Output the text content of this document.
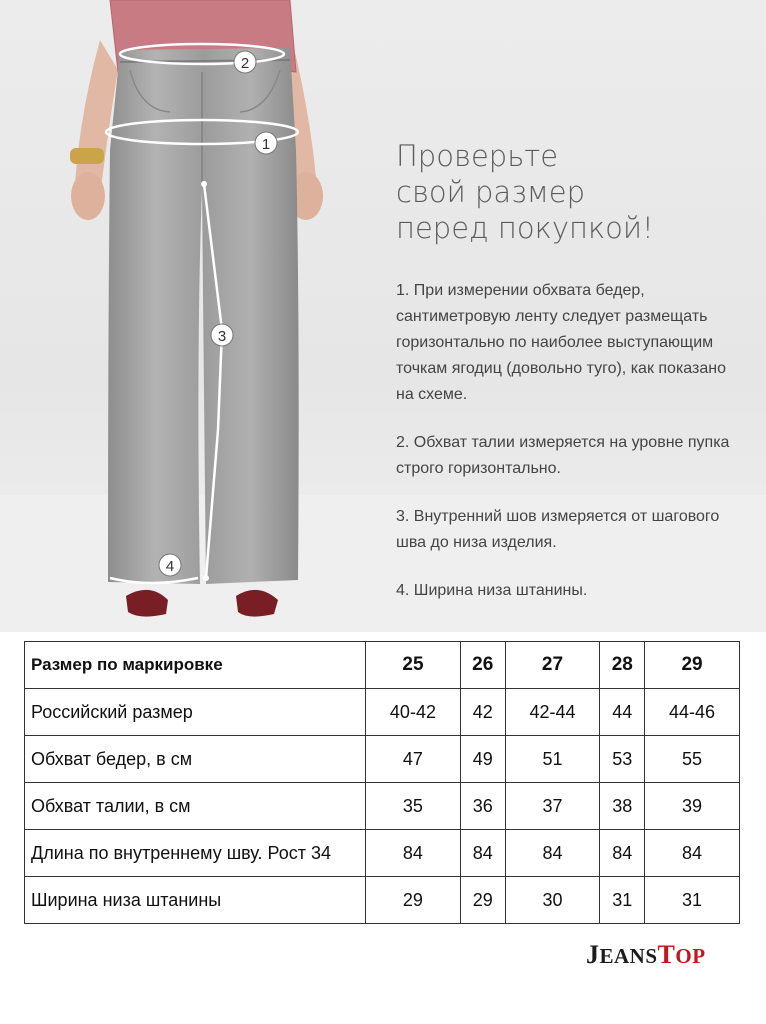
1
2
3
4
Проверьте
свой размер
перед покупкой!

1. При измерении обхвата бедер, сантиметровую ленту следует размещать горизонтально по наиболее выступающим точкам ягодиц (довольно туго), как показано на схеме.

2. Обхват талии измеряется на уровне пупка строго горизонтально.

3. Внутренний шов измеряется от шагового шва до низа изделия.

4. Ширина низа штанины.

Размер по маркировке	25	26	27	28	29
Российский размер	40-42	42	42-44	44	44-46
Обхват бедер, в см	47	49	51	53	55
Обхват талии, в см	35	36	37	38	39
Длина по внутреннему шву. Рост 34	84	84	84	84	84
Ширина низа штанины	29	29	30	31	31
JEANSTOP
